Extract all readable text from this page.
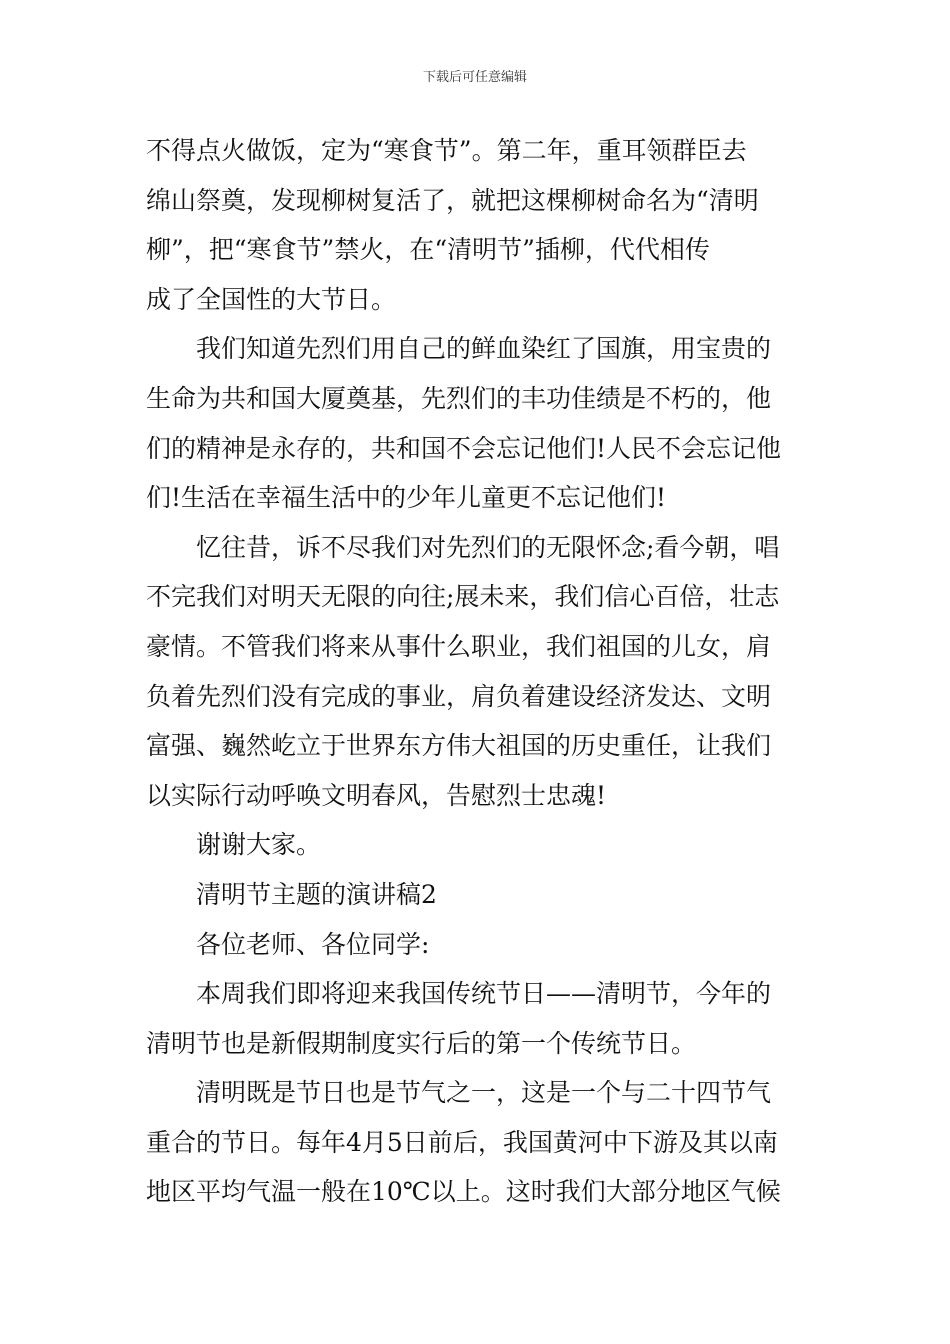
下载后可任意编辑
不得点火做饭，定为“寒食节”。第二年，重耳领群臣去
绵山祭奠，发现柳树复活了，就把这棵柳树命名为“清明
柳”，把“寒食节”禁火，在“清明节”插柳，代代相传
成了全国性的大节日。
我们知道先烈们用自己的鲜血染红了国旗，用宝贵的
生命为共和国大厦奠基，先烈们的丰功佳绩是不朽的，他
们的精神是永存的，共和国不会忘记他们!人民不会忘记他
们!生活在幸福生活中的少年儿童更不忘记他们!
忆往昔，诉不尽我们对先烈们的无限怀念;看今朝，唱
不完我们对明天无限的向往;展未来，我们信心百倍，壮志
豪情。不管我们将来从事什么职业，我们祖国的儿女，肩
负着先烈们没有完成的事业，肩负着建设经济发达、文明
富强、巍然屹立于世界东方伟大祖国的历史重任，让我们
以实际行动呼唤文明春风，告慰烈士忠魂!
谢谢大家。
清明节主题的演讲稿2
各位老师、各位同学:
本周我们即将迎来我国传统节日——清明节，今年的
清明节也是新假期制度实行后的第一个传统节日。
清明既是节日也是节气之一，这是一个与二十四节气
重合的节日。每年4月5日前后，我国黄河中下游及其以南
地区平均气温一般在10℃以上。这时我们大部分地区气候
